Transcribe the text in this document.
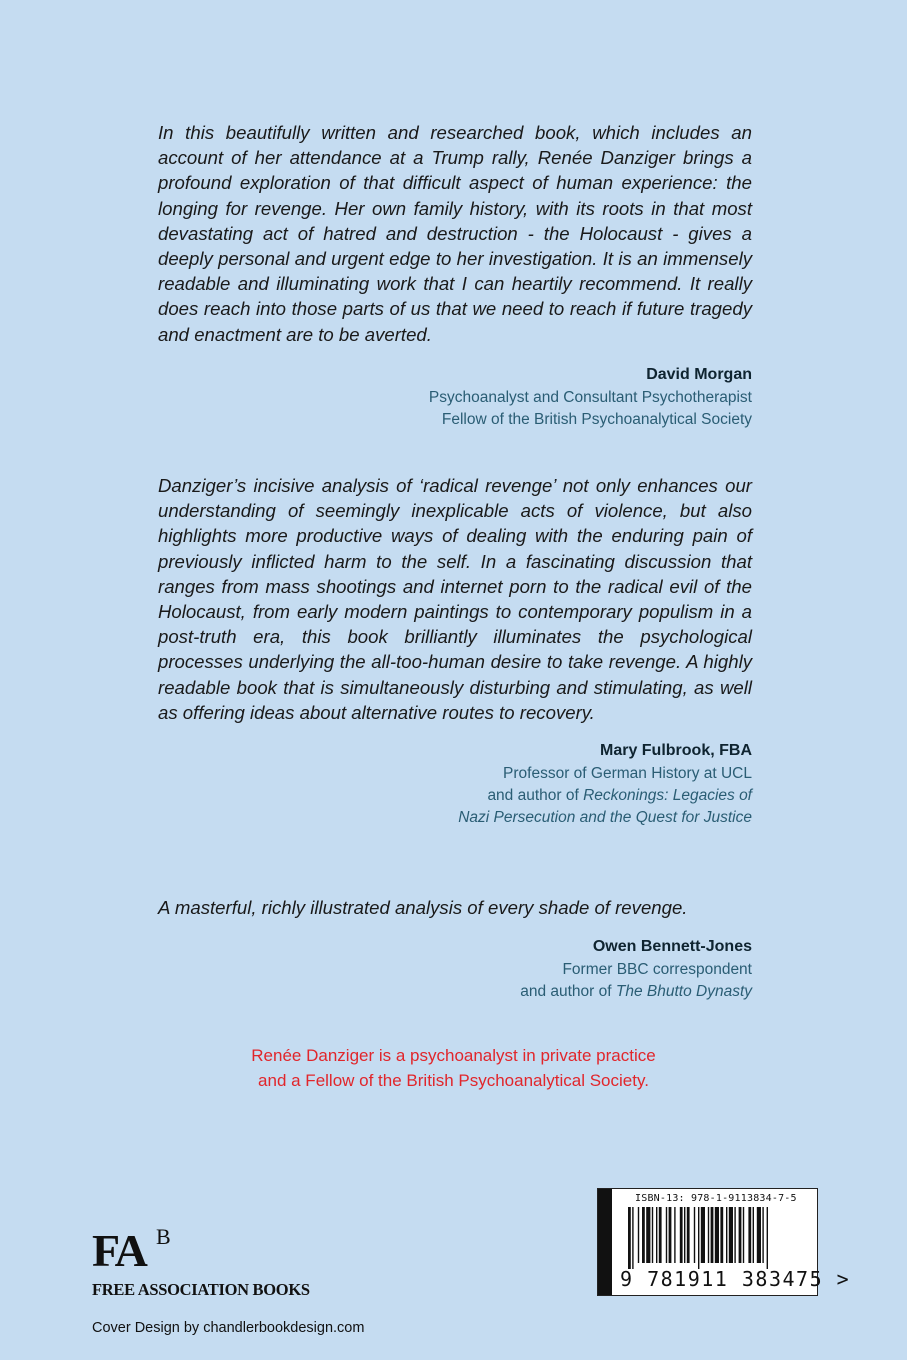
In this beautifully written and researched book, which includes an account of her attendance at a Trump rally, Renée Danziger brings a profound exploration of that difficult aspect of human experience: the longing for revenge. Her own family history, with its roots in that most devastating act of hatred and destruction - the Holocaust - gives a deeply personal and urgent edge to her investigation. It is an immensely readable and illuminating work that I can heartily recommend. It really does reach into those parts of us that we need to reach if future tragedy and enactment are to be averted.

David Morgan
Psychoanalyst and Consultant Psychotherapist
Fellow of the British Psychoanalytical Society

Danziger’s incisive analysis of ‘radical revenge’ not only enhances our understanding of seemingly inexplicable acts of violence, but also highlights more productive ways of dealing with the enduring pain of previously inflicted harm to the self. In a fascinating discussion that ranges from mass shootings and internet porn to the radical evil of the Holocaust, from early modern paintings to contemporary populism in a post-truth era, this book brilliantly illuminates the psychological processes underlying the all-too-human desire to take revenge. A highly readable book that is simultaneously disturbing and stimulating, as well as offering ideas about alternative routes to recovery.

Mary Fulbrook, FBA
Professor of German History at UCL
and author of Reckonings: Legacies of
Nazi Persecution and the Quest for Justice

A masterful, richly illustrated analysis of every shade of revenge.

Owen Bennett-Jones
Former BBC correspondent
and author of The Bhutto Dynasty
Renée Danziger is a psychoanalyst in private practice
and a Fellow of the British Psychoanalytical Society.
FA B
FREE ASSOCIATION BOOKS
Cover Design by chandlerbookdesign.com
ISBN-13: 978-1-9113834-7-5
9 781911 383475 >
